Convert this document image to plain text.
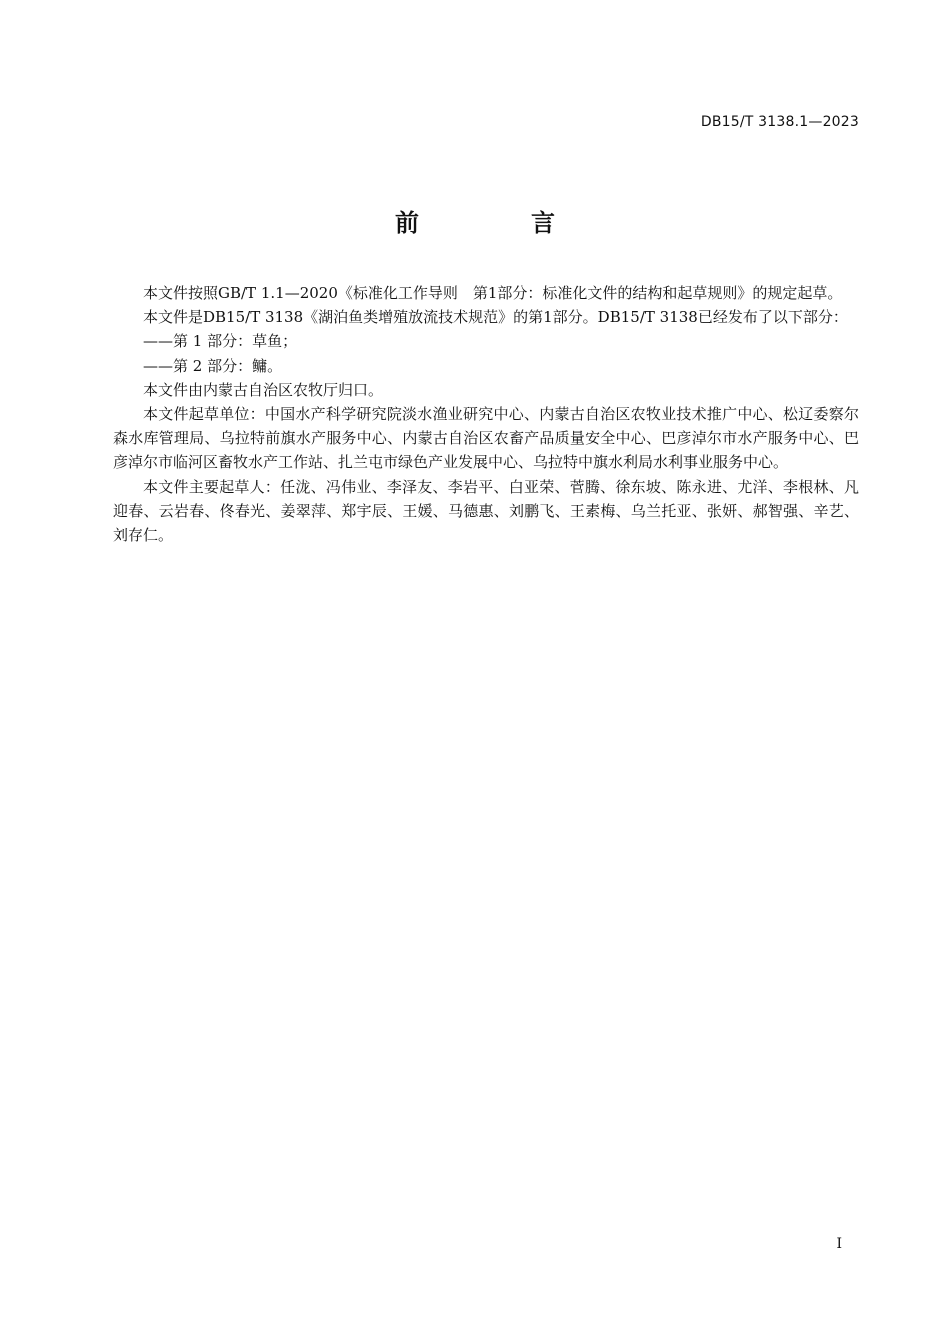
DB15/T 3138.1—2023
前　言

本文件按照GB/T 1.1—2020《标准化工作导则　第1部分：标准化文件的结构和起草规则》的规定起草。

本文件是DB15/T 3138《湖泊鱼类增殖放流技术规范》的第1部分。DB15/T 3138已经发布了以下部分：

——第 1 部分：草鱼；

——第 2 部分：鳙。

本文件由内蒙古自治区农牧厅归口。

本文件起草单位：中国水产科学研究院淡水渔业研究中心、内蒙古自治区农牧业技术推广中心、松辽委察尔森水库管理局、乌拉特前旗水产服务中心、内蒙古自治区农畜产品质量安全中心、巴彦淖尔市水产服务中心、巴彦淖尔市临河区畜牧水产工作站、扎兰屯市绿色产业发展中心、乌拉特中旗水利局水利事业服务中心。

本文件主要起草人：任泷、冯伟业、李泽友、李岩平、白亚荣、菅腾、徐东坡、陈永进、尤洋、李根林、凡迎春、云岩春、佟春光、姜翠萍、郑宇辰、王媛、马德惠、刘鹏飞、王素梅、乌兰托亚、张妍、郝智强、辛艺、刘存仁。

I
